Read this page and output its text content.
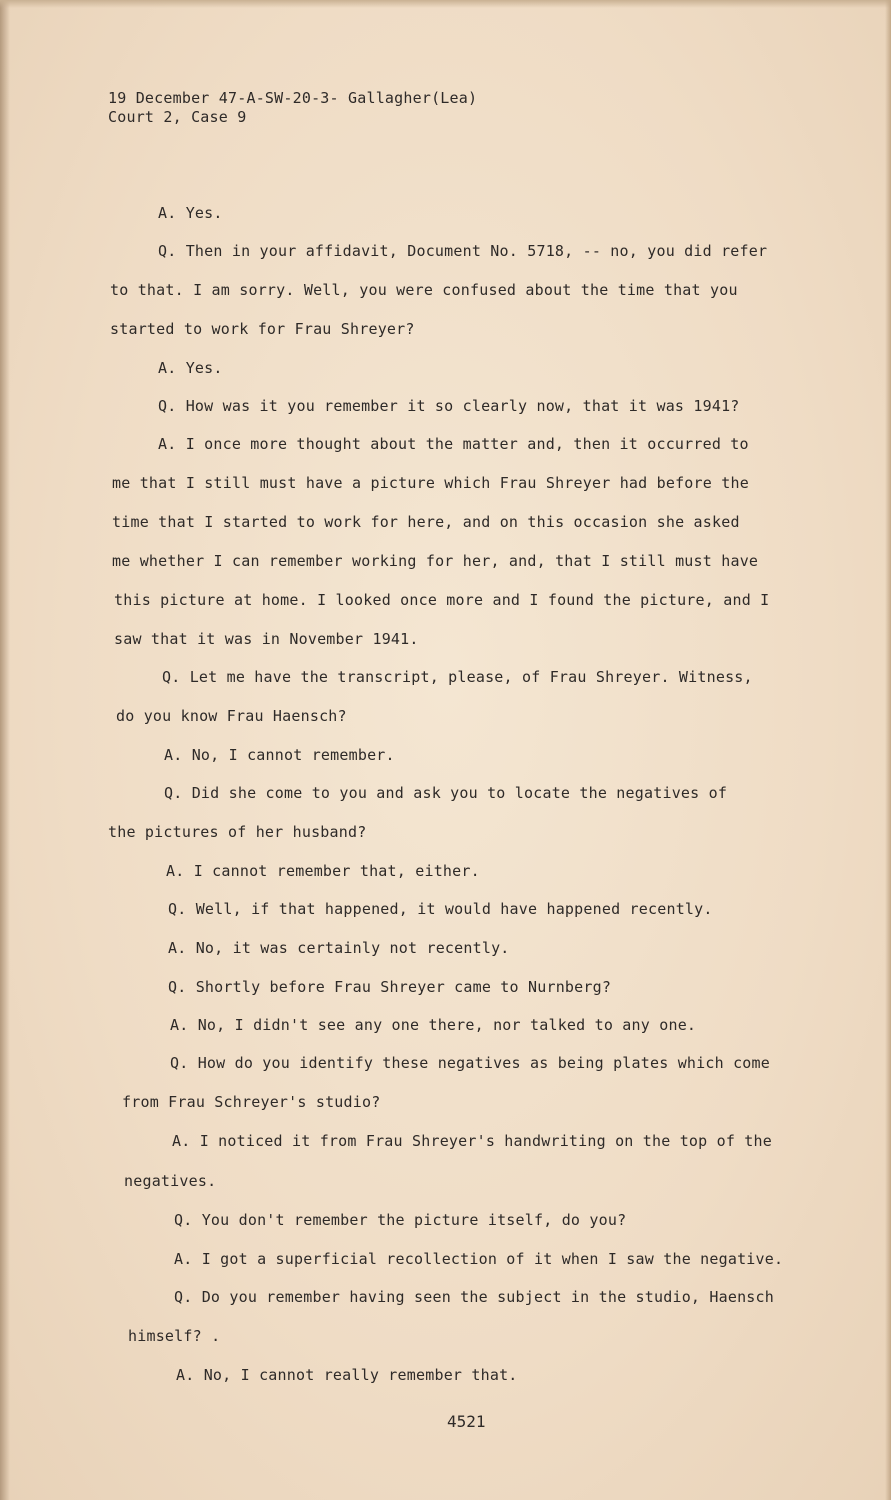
19 December 47-A-SW-20-3- Gallagher(Lea)
Court 2, Case 9
A. Yes.
Q. Then in your affidavit, Document No. 5718, -- no, you did refer
to that. I am sorry. Well, you were confused about the time that you
started to work for Frau Shreyer?
A. Yes.
Q. How was it you remember it so clearly now, that it was 1941?
A. I once more thought about the matter and, then it occurred to
me that I still must have a picture which Frau Shreyer had before the
time that I started to work for here, and on this occasion she asked
me whether I can remember working for her, and, that I still must have
this picture at home. I looked once more and I found the picture, and I
saw that it was in November 1941.
Q. Let me have the transcript, please, of Frau Shreyer. Witness,
do you know Frau Haensch?
A. No, I cannot remember.
Q. Did she come to you and ask you to locate the negatives of
the pictures of her husband?
A. I cannot remember that, either.
Q. Well, if that happened, it would have happened recently.
A. No, it was certainly not recently.
Q. Shortly before Frau Shreyer came to Nurnberg?
A. No, I didn't see any one there, nor talked to any one.
Q. How do you identify these negatives as being plates which come
from Frau Schreyer's studio?
A. I noticed it from Frau Shreyer's handwriting on the top of the
negatives.
Q. You don't remember the picture itself, do you?
A. I got a superficial recollection of it when I saw the negative.
Q. Do you remember having seen the subject in the studio, Haensch
himself? .
A. No, I cannot really remember that.
4521
